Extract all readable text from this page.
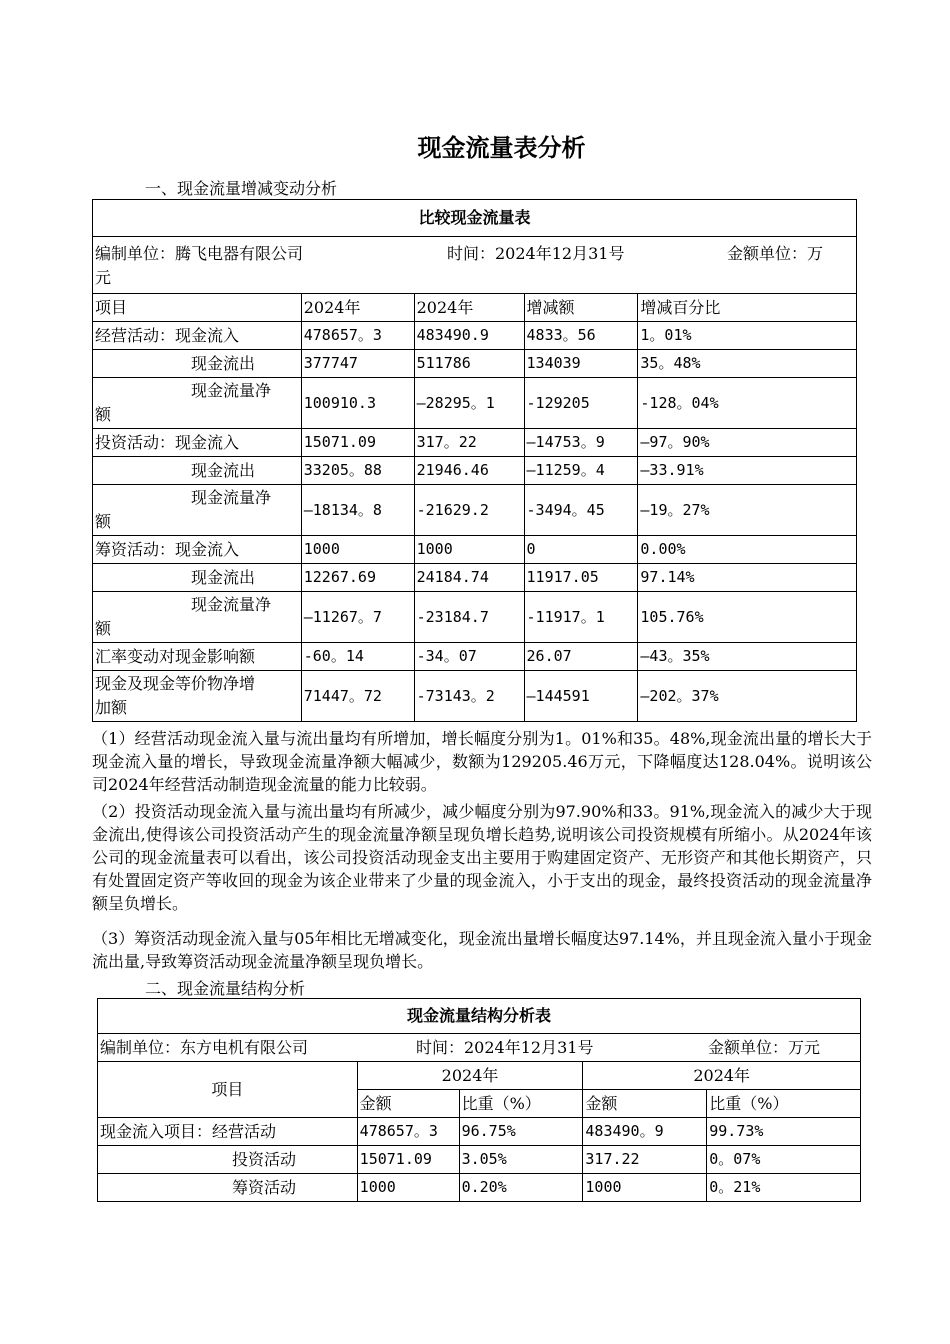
现金流量表分析
一、现金流量增减变动分析
比较现金流量表				

编制单位：腾飞电器有限公司 时间：2024年12月31号 金额单位：万
元				

项目	2024年	2024年	增减额	增减百分比
经营活动：现金流入	478657。3	483490.9	4833。56	1。01%
现金流出	377747	511786	134039	35。48%

现金流量净
额	100910.3	—28295。1	-129205	-128。04%
投资活动：现金流入	15071.09	317。22	—14753。9	—97。90%
现金流出	33205。88	21946.46	—11259。4	—33.91%

现金流量净
额	—18134。8	-21629.2	-3494。45	—19。27%
筹资活动：现金流入	1000	1000	0	0.00%
现金流出	12267.69	24184.74	11917.05	97.14%

现金流量净
额	—11267。7	-23184.7	-11917。1	105.76%
汇率变动对现金影响额	-60。14	-34。07	26.07	—43。35%

现金及现金等价物净增
加额	71447。72	-73143。2	—144591	—202。37%
（1）经营活动现金流入量与流出量均有所增加，增长幅度分别为1。01%和35。48%,现金流出量的增长大于现金流入量的增长，导致现金流量净额大幅减少，数额为129205.46万元，下降幅度达128.04%。说明该公司2024年经营活动制造现金流量的能力比较弱。
（2）投资活动现金流入量与流出量均有所减少，减少幅度分别为97.90%和33。91%,现金流入的减少大于现金流出,使得该公司投资活动产生的现金流量净额呈现负增长趋势,说明该公司投资规模有所缩小。从2024年该公司的现金流量表可以看出，该公司投资活动现金支出主要用于购建固定资产、无形资产和其他长期资产，只有处置固定资产等收回的现金为该企业带来了少量的现金流入，小于支出的现金，最终投资活动的现金流量净额呈负增长。
（3）筹资活动现金流入量与05年相比无增减变化，现金流出量增长幅度达97.14%，并且现金流入量小于现金流出量,导致筹资活动现金流量净额呈现负增长。
二、现金流量结构分析
现金流量结构分析表				

编制单位：东方电机有限公司 时间：2024年12月31号 金额单位：万元				

项目	2024年		2024年	
	金额	比重（%）	金额	比重（%）
现金流入项目：经营活动	478657。3	96.75%	483490。9	99.73%
投资活动	15071.09	3.05%	317.22	0。07%
筹资活动	1000	0.20%	1000	0。21%
